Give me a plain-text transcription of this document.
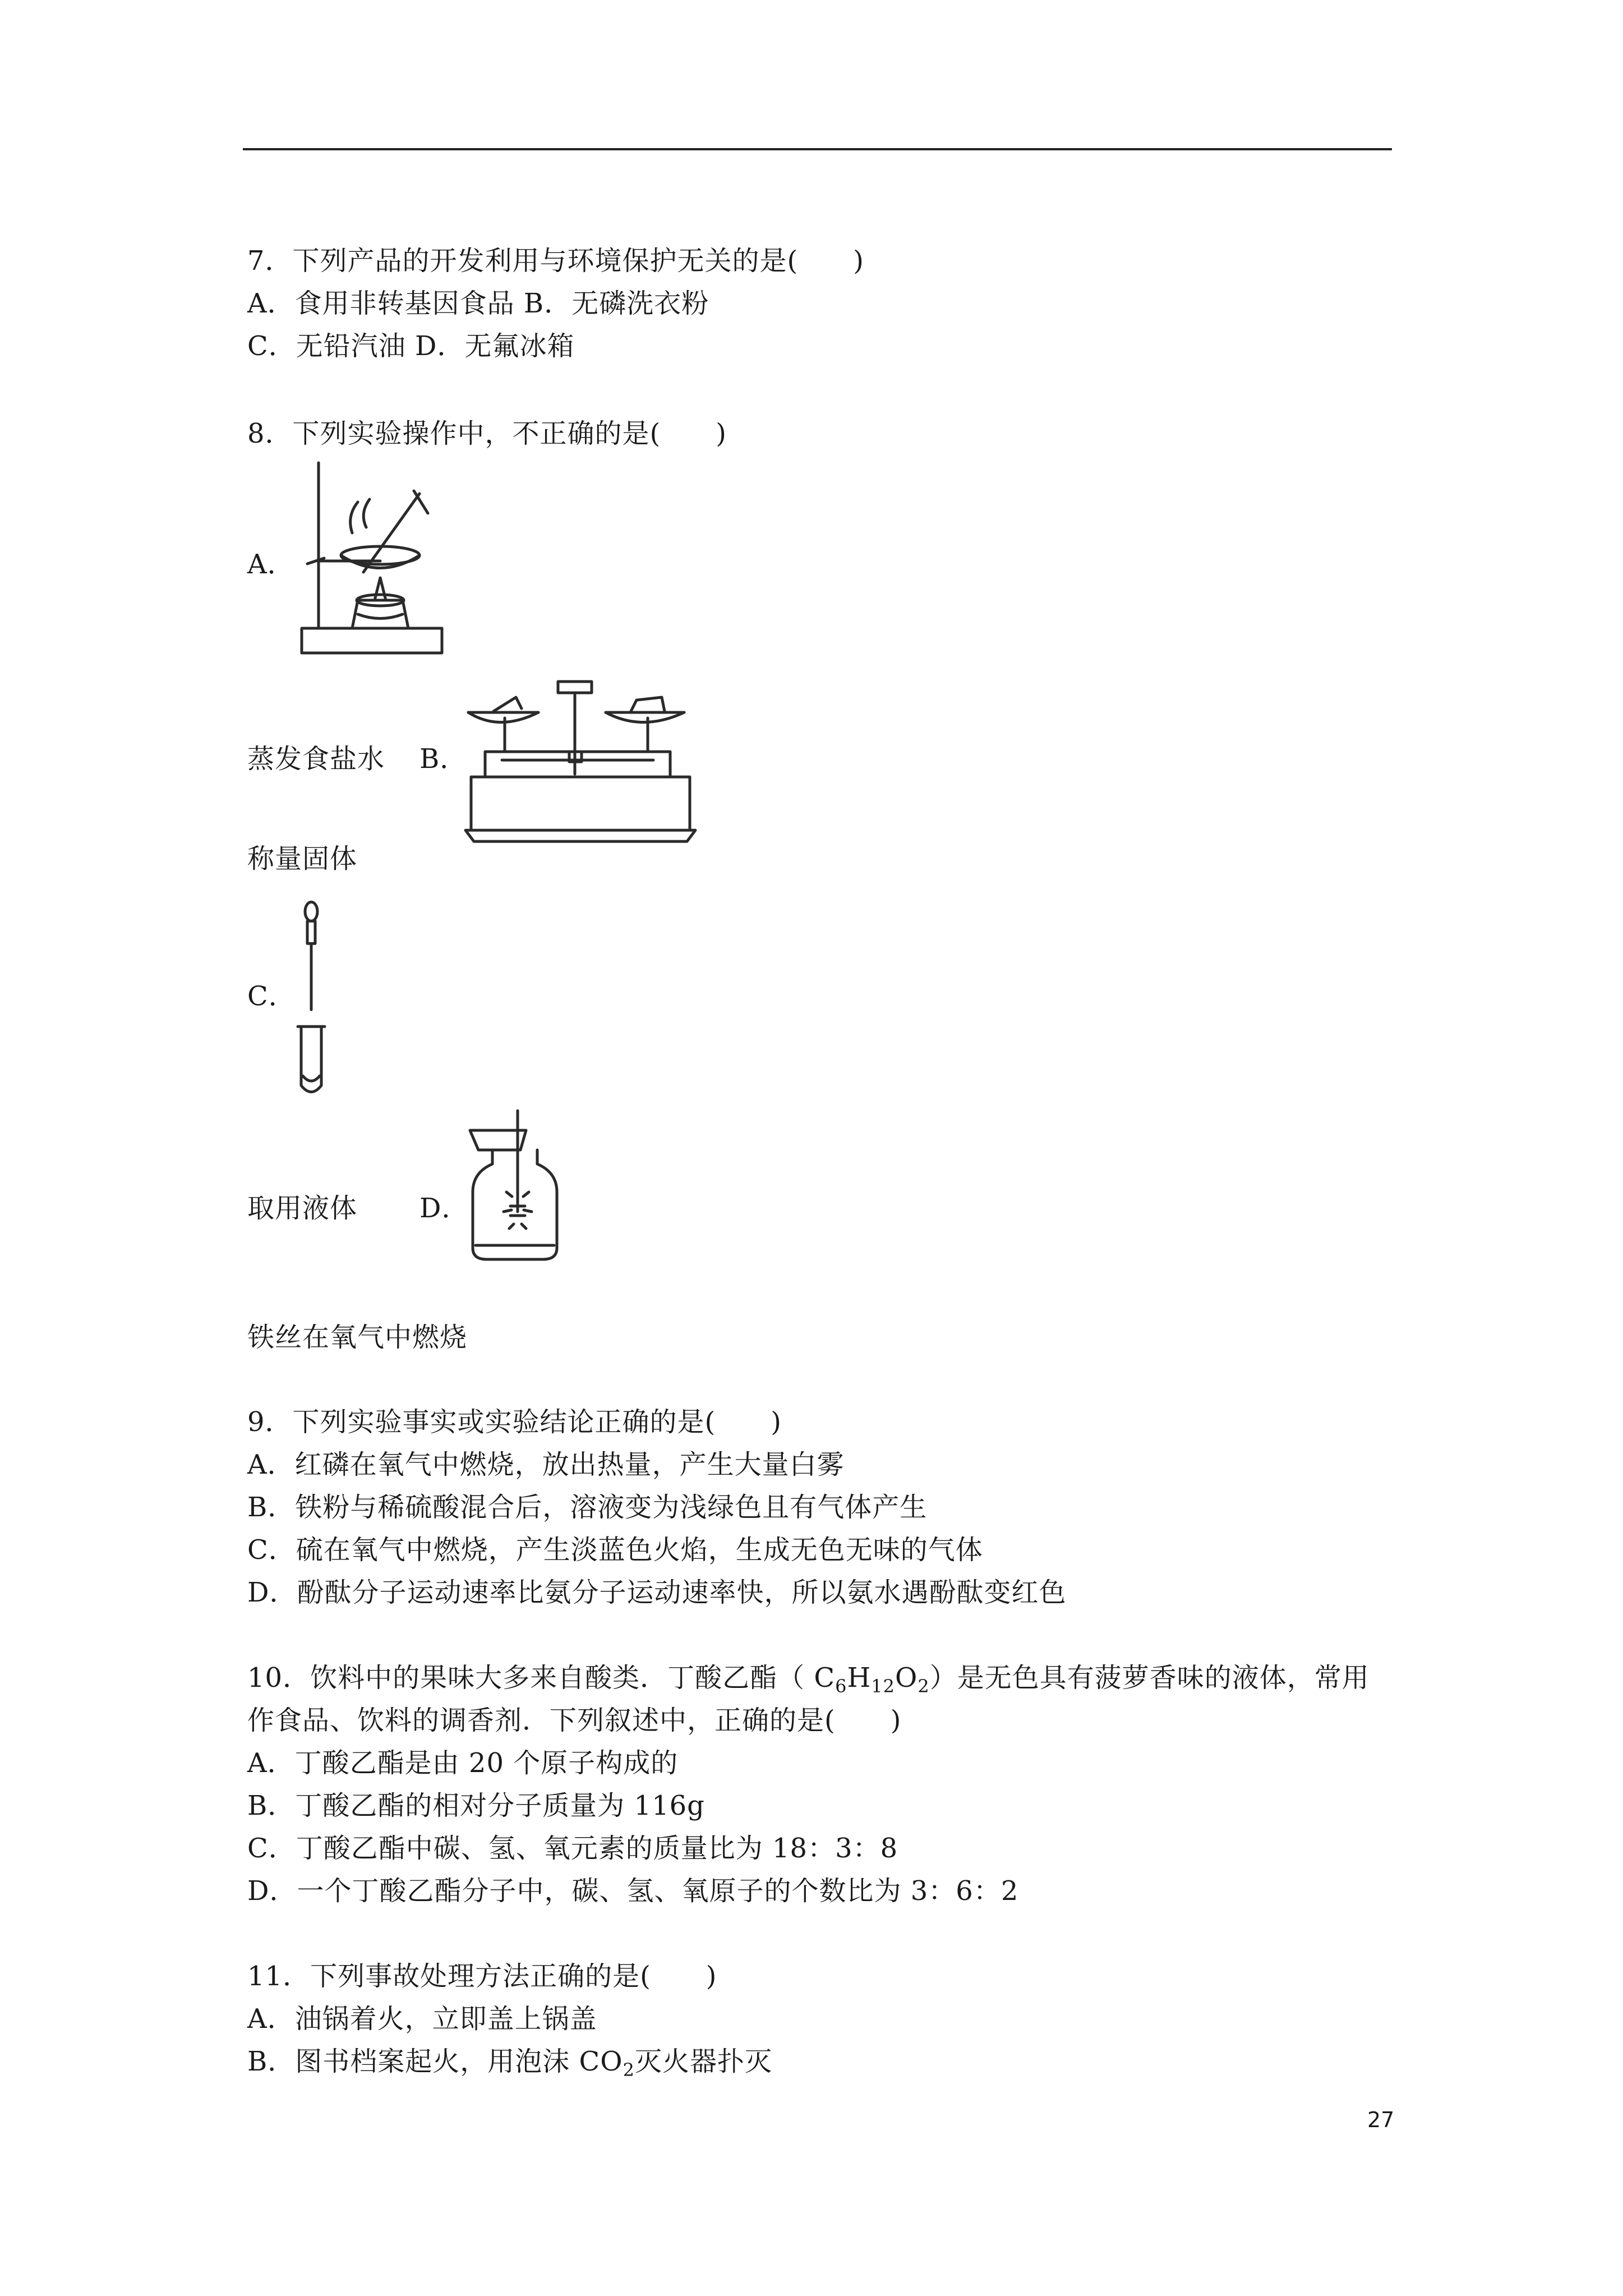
7．下列产品的开发利用与环境保护无关的是(　　)
A．食用非转基因食品 B．无磷洗衣粉
C．无铅汽油 D．无氟冰箱
8．下列实验操作中，不正确的是(　　)
A．
蒸发食盐水 B．
称量固体
C．
取用液体 D．
铁丝在氧气中燃烧
9．下列实验事实或实验结论正确的是(　　)
A．红磷在氧气中燃烧，放出热量，产生大量白雾
B．铁粉与稀硫酸混合后，溶液变为浅绿色且有气体产生
C．硫在氧气中燃烧，产生淡蓝色火焰，生成无色无味的气体
D．酚酞分子运动速率比氨分子运动速率快，所以氨水遇酚酞变红色
10．饮料中的果味大多来自酸类．丁酸乙酯（ $C_6H_{12}O_2$）是无色具有菠萝香味的液体，常用
作食品、饮料的调香剂．下列叙述中，正确的是(　　)
A．丁酸乙酯是由 20 个原子构成的
B．丁酸乙酯的相对分子质量为 116g
C．丁酸乙酯中碳、氢、氧元素的质量比为 18：3：8
D．一个丁酸乙酯分子中，碳、氢、氧原子的个数比为 3：6：2
11．下列事故处理方法正确的是(　　)
A．油锅着火，立即盖上锅盖
B．图书档案起火，用泡沫 $CO_2$灭火器扑灭
27
